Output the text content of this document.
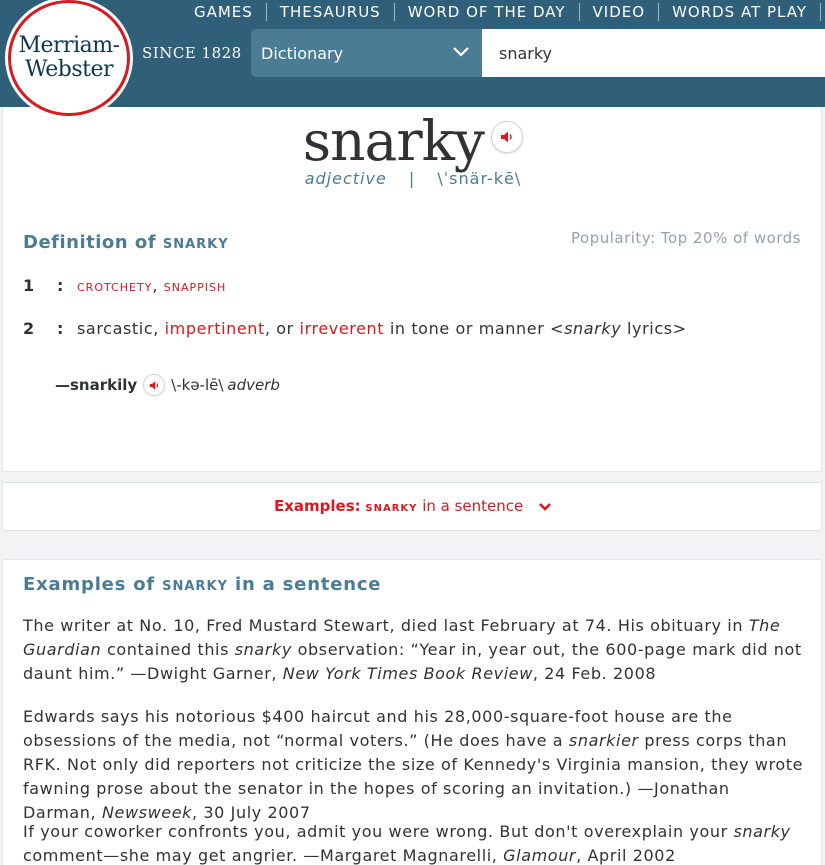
Merriam-
Webster
SINCE 1828
GAMES	THESAURUS	WORD OF THE DAY	VIDEO	WORDS AT PLAY
Dictionary
snarky
snarky
adjective | \ˈsnär-kē\
Definition of SNARKY	Popularity: Top 20% of words
1 : CROTCHETY, SNAPPISH
2 : sarcastic, impertinent, or irreverent in tone or manner <snarky lyrics>
—snarkily \-kə-lē\ adverb
Examples: SNARKY in a sentence
Examples of SNARKY in a sentence
The writer at No. 10, Fred Mustard Stewart, died last February at 74. His obituary in The Guardian contained this snarky observation: “Year in, year out, the 600-page mark did not daunt him.” —Dwight Garner, New York Times Book Review, 24 Feb. 2008
Edwards says his notorious $400 haircut and his 28,000-square-foot house are the obsessions of the media, not “normal voters.” (He does have a snarkier press corps than RFK. Not only did reporters not criticize the size of Kennedy's Virginia mansion, they wrote fawning prose about the senator in the hopes of scoring an invitation.) —Jonathan Darman, Newsweek, 30 July 2007
If your coworker confronts you, admit you were wrong. But don't overexplain your snarky comment—she may get angrier. —Margaret Magnarelli, Glamour, April 2002
